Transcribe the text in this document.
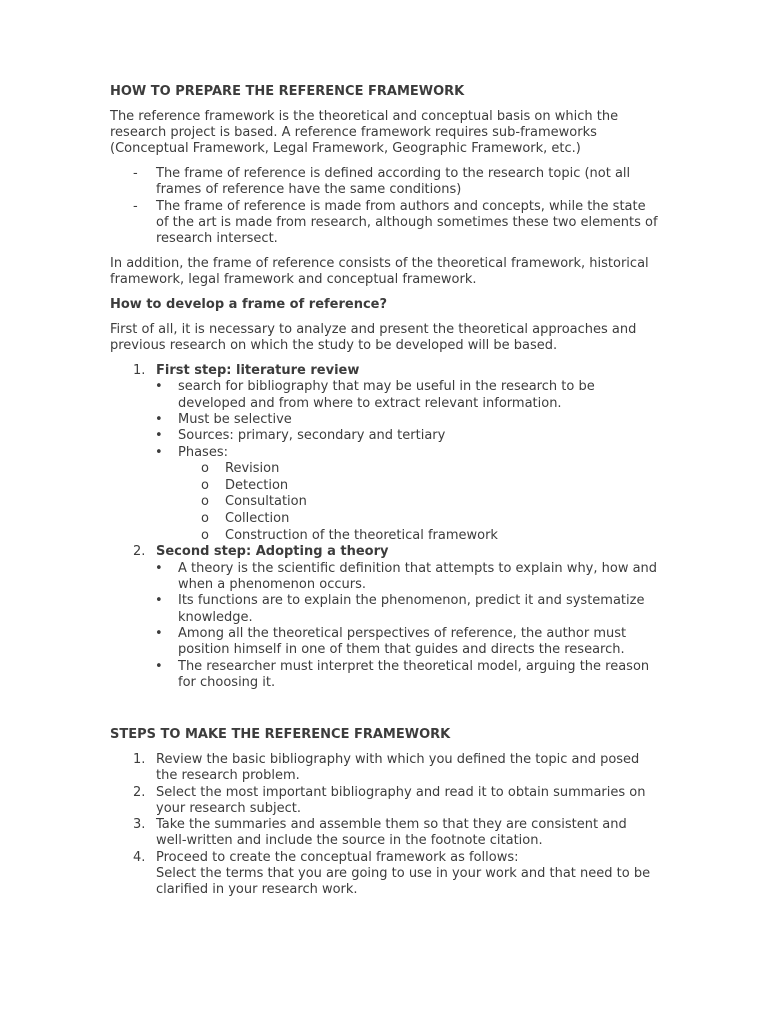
HOW TO PREPARE THE REFERENCE FRAMEWORK

The reference framework is the theoretical and conceptual basis on which the research project is based. A reference framework requires sub-frameworks (Conceptual Framework, Legal Framework, Geographic Framework, etc.)

- The frame of reference is defined according to the research topic (not all frames of reference have the same conditions)
- The frame of reference is made from authors and concepts, while the state of the art is made from research, although sometimes these two elements of research intersect.

In addition, the frame of reference consists of the theoretical framework, historical framework, legal framework and conceptual framework.

How to develop a frame of reference?

First of all, it is necessary to analyze and present the theoretical approaches and previous research on which the study to be developed will be based.

1. First step: literature review
• search for bibliography that may be useful in the research to be developed and from where to extract relevant information.
• Must be selective
• Sources: primary, secondary and tertiary
• Phases:
o Revision
o Detection
o Consultation
o Collection
o Construction of the theoretical framework
2. Second step: Adopting a theory
• A theory is the scientific definition that attempts to explain why, how and when a phenomenon occurs.
• Its functions are to explain the phenomenon, predict it and systematize knowledge.
• Among all the theoretical perspectives of reference, the author must position himself in one of them that guides and directs the research.
• The researcher must interpret the theoretical model, arguing the reason for choosing it.

STEPS TO MAKE THE REFERENCE FRAMEWORK

1. Review the basic bibliography with which you defined the topic and posed the research problem.
2. Select the most important bibliography and read it to obtain summaries on your research subject.
3. Take the summaries and assemble them so that they are consistent and well-written and include the source in the footnote citation.
4. Proceed to create the conceptual framework as follows:

Select the terms that you are going to use in your work and that need to be clarified in your research work.
